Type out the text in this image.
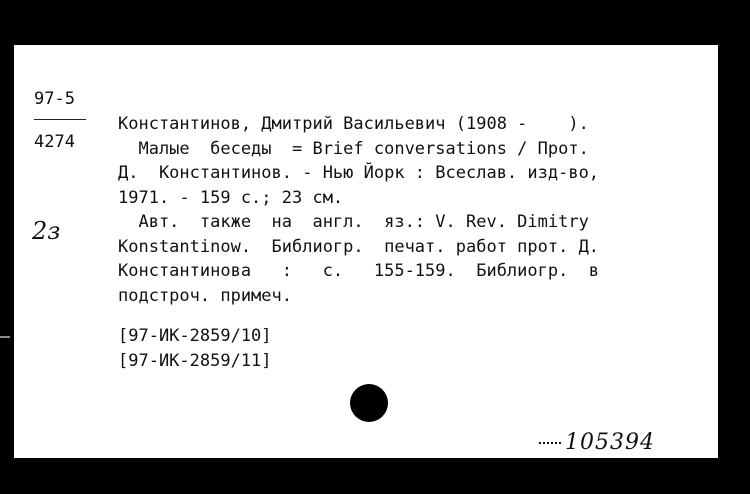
97-5
4274
2з
Константинов, Дмитрий Васильевич (1908 -    ).
Малые  беседы  = Brief conversations / Прот.
Д.  Константинов. - Нью Йорк : Всеслав. изд-во,
1971. - 159 с.; 23 см.
Авт.  также  на  англ.  яз.: V. Rev. Dimitry
Konstantinow.  Библиогр.  печат. работ прот. Д.
Константинова   :   с.   155-159.  Библиогр.  в
подстроч. примеч.
[97-ИК-2859/10]
[97-ИК-2859/11]
105394
